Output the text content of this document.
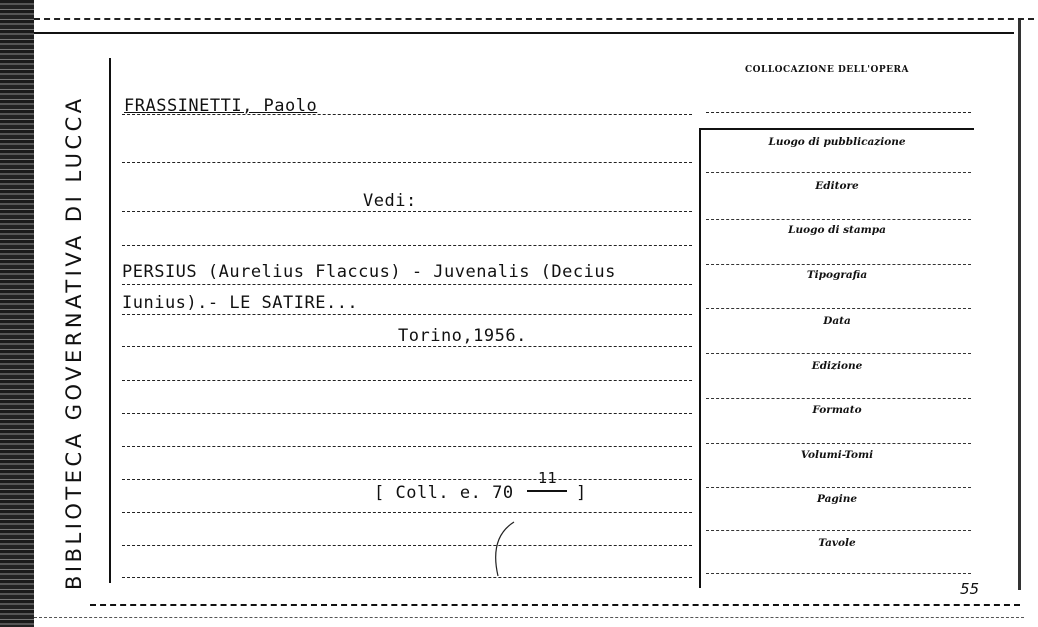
BIBLIOTECA GOVERNATIVA DI LUCCA FRASSINETTI, Paolo
Vedi:
PERSIUS (Aurelius Flaccus) - Juvenalis (Decius
Iunius).- LE SATIRE...
Torino,1956.
[ Coll. e. 70
11
]
COLLOCAZIONE DELL'OPERA
Luogo di pubblicazione
Editore
Luogo di stampa
Tipografia
Data
Edizione
Formato
Volumi-Tomi
Pagine
Tavole
55
